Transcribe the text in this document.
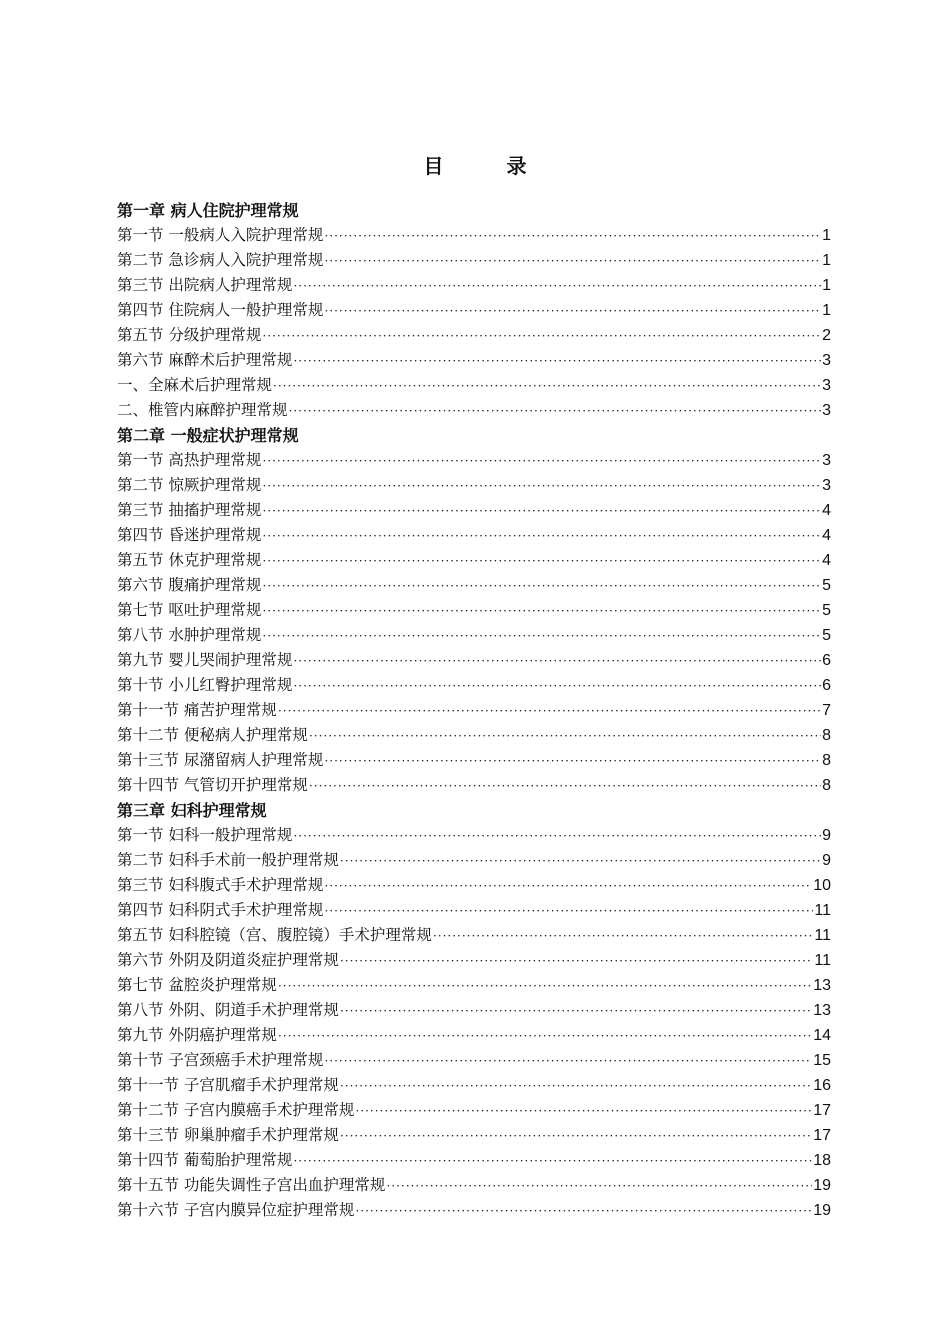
目 录
第一章 病人住院护理常规
第一节 一般病人入院护理常规 ·····	1
第二节 急诊病人入院护理常规 ·····	1
第三节 出院病人护理常规 ·····	1
第四节 住院病人一般护理常规 ·····	1
第五节 分级护理常规 ·····	2
第六节 麻醉术后护理常规 ·····	3
一、全麻术后护理常规 ·····	3
二、椎管内麻醉护理常规 ·····	3
第二章 一般症状护理常规
第一节 高热护理常规 ·····	3
第二节 惊厥护理常规 ·····	3
第三节 抽搐护理常规 ·····	4
第四节 昏迷护理常规 ·····	4
第五节 休克护理常规 ·····	4
第六节 腹痛护理常规 ·····	5
第七节 呕吐护理常规 ·····	5
第八节 水肿护理常规 ·····	5
第九节 婴儿哭闹护理常规 ·····	6
第十节 小儿红臀护理常规 ·····	6
第十一节 痛苦护理常规 ·····	7
第十二节 便秘病人护理常规 ·····	8
第十三节 尿潴留病人护理常规 ·····	8
第十四节 气管切开护理常规 ·····	8
第三章 妇科护理常规
第一节 妇科一般护理常规 ·····	9
第二节 妇科手术前一般护理常规 ·····	9
第三节 妇科腹式手术护理常规 ·····	10
第四节 妇科阴式手术护理常规 ·····	11
第五节 妇科腔镜（宫、腹腔镜）手术护理常规 ·····	11
第六节 外阴及阴道炎症护理常规 ·····	11
第七节 盆腔炎护理常规 ·····	13
第八节 外阴、阴道手术护理常规 ·····	13
第九节 外阴癌护理常规 ·····	14
第十节 子宫颈癌手术护理常规 ·····	15
第十一节 子宫肌瘤手术护理常规 ·····	16
第十二节 子宫内膜癌手术护理常规 ·····	17
第十三节 卵巢肿瘤手术护理常规 ·····	17
第十四节 葡萄胎护理常规 ·····	18
第十五节 功能失调性子宫出血护理常规 ·····	19
第十六节 子宫内膜异位症护理常规 ·····	19
